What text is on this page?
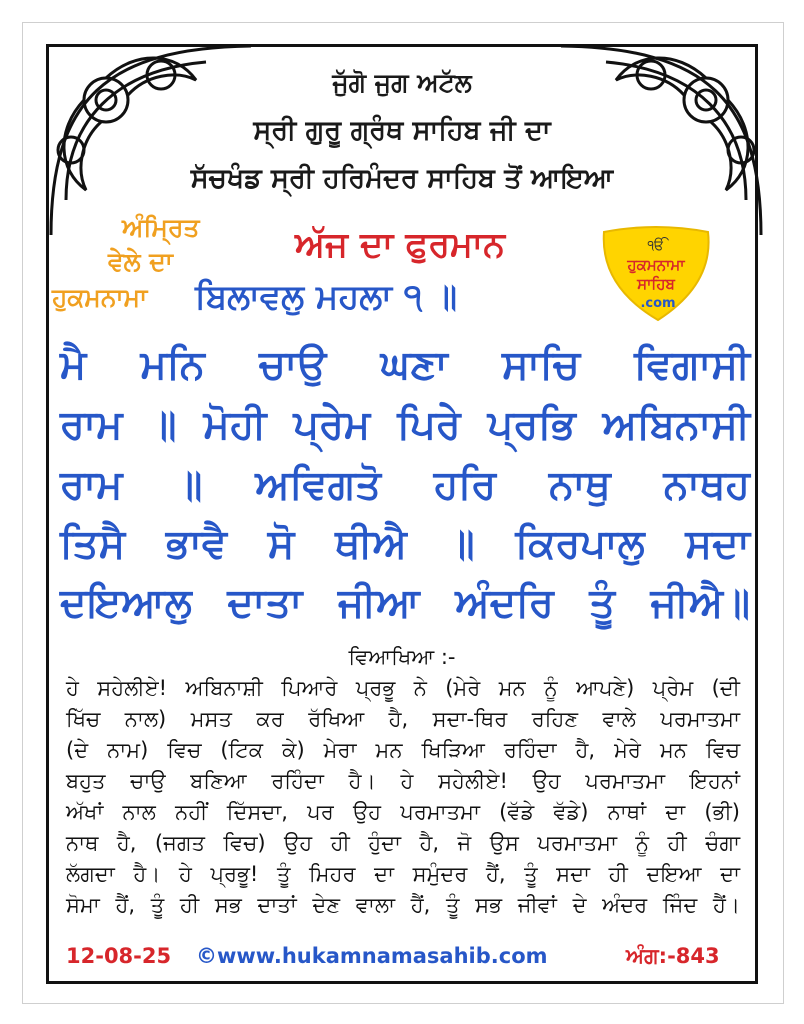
ਜੁੱਗੋ ਜੁਗ ਅਟੱਲ
ਸ੍ਰੀ ਗੁਰੂ ਗ੍ਰੰਥ ਸਾਹਿਬ ਜੀ ਦਾ
ਸੱਚਖੰਡ ਸ੍ਰੀ ਹਰਿਮੰਦਰ ਸਾਹਿਬ ਤੋਂ ਆਇਆ
ਅੰਮ੍ਰਿਤ
ਵੇਲੇ ਦਾ
ਹੁਕਮਨਾਮਾ
ਅੱਜ ਦਾ ਫੁਰਮਾਨ
ਬਿਲਾਵਲੁ ਮਹਲਾ ੧ ॥
ੴ
ਹੁਕਮਨਾਮਾ
ਸਾਹਿਬ
.com
ਮੈ ਮਨਿ ਚਾਉ ਘਣਾ ਸਾਚਿ ਵਿਗਾਸੀ
ਰਾਮ ॥ ਮੋਹੀ ਪ੍ਰੇਮ ਪਿਰੇ ਪ੍ਰਭਿ ਅਬਿਨਾਸੀ
ਰਾਮ ॥ ਅਵਿਗਤੋ ਹਰਿ ਨਾਥੁ ਨਾਥਹ
ਤਿਸੈ ਭਾਵੈ ਸੋ ਥੀਐ ॥ ਕਿਰਪਾਲੁ ਸਦਾ
ਦਇਆਲੁ ਦਾਤਾ ਜੀਆ ਅੰਦਰਿ ਤੂੰ ਜੀਐ॥
ਵਿਆਖਿਆ :-
ਹੇ ਸਹੇਲੀਏ! ਅਬਿਨਾਸ਼ੀ ਪਿਆਰੇ ਪ੍ਰਭੂ ਨੇ (ਮੇਰੇ ਮਨ ਨੂੰ ਆਪਣੇ) ਪ੍ਰੇਮ (ਦੀ
ਖਿੱਚ ਨਾਲ) ਮਸਤ ਕਰ ਰੱਖਿਆ ਹੈ, ਸਦਾ-ਥਿਰ ਰਹਿਣ ਵਾਲੇ ਪਰਮਾਤਮਾ
(ਦੇ ਨਾਮ) ਵਿਚ (ਟਿਕ ਕੇ) ਮੇਰਾ ਮਨ ਖਿੜਿਆ ਰਹਿੰਦਾ ਹੈ, ਮੇਰੇ ਮਨ ਵਿਚ
ਬਹੁਤ ਚਾਉ ਬਣਿਆ ਰਹਿੰਦਾ ਹੈ। ਹੇ ਸਹੇਲੀਏ! ਉਹ ਪਰਮਾਤਮਾ ਇਹਨਾਂ
ਅੱਖਾਂ ਨਾਲ ਨਹੀਂ ਦਿੱਸਦਾ, ਪਰ ਉਹ ਪਰਮਾਤਮਾ (ਵੱਡੇ ਵੱਡੇ) ਨਾਥਾਂ ਦਾ (ਭੀ)
ਨਾਥ ਹੈ, (ਜਗਤ ਵਿਚ) ਉਹ ਹੀ ਹੁੰਦਾ ਹੈ, ਜੋ ਉਸ ਪਰਮਾਤਮਾ ਨੂੰ ਹੀ ਚੰਗਾ
ਲੱਗਦਾ ਹੈ। ਹੇ ਪ੍ਰਭੂ! ਤੂੰ ਮਿਹਰ ਦਾ ਸਮੁੰਦਰ ਹੈਂ, ਤੂੰ ਸਦਾ ਹੀ ਦਇਆ ਦਾ
ਸੋਮਾ ਹੈਂ, ਤੂੰ ਹੀ ਸਭ ਦਾਤਾਂ ਦੇਣ ਵਾਲਾ ਹੈਂ, ਤੂੰ ਸਭ ਜੀਵਾਂ ਦੇ ਅੰਦਰ ਜਿੰਦ ਹੈਂ।
12-08-25 ©www.hukamnamasahib.com	ਅੰਗ:-843
